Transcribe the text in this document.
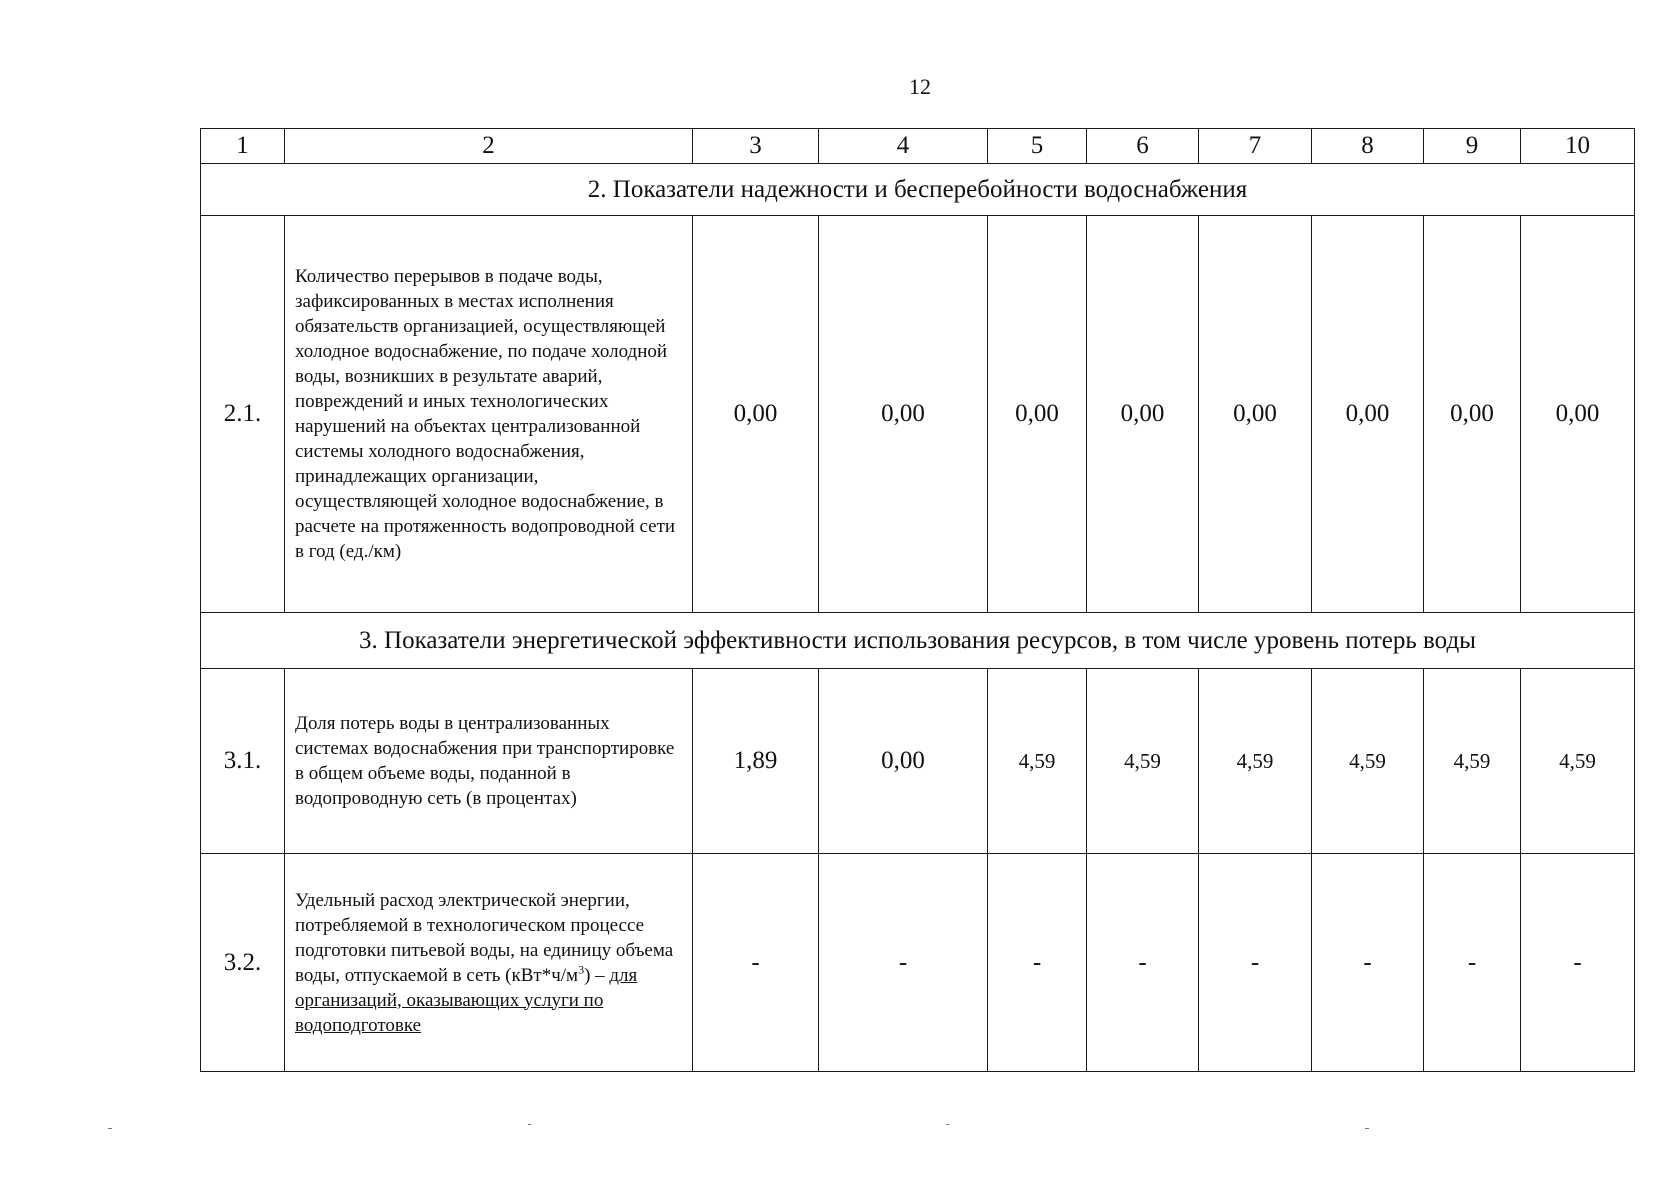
12
1	2	3	4	5	6	7	8	9	10
2. Показатели надежности и бесперебойности водоснабжения									
2.1.	Количество перерывов в подаче воды, зафиксированных в местах исполнения обязательств организацией, осуществляющей холодное водоснабжение, по подаче холодной воды, возникших в результате аварий, повреждений и иных технологических нарушений на объектах централизованной системы холодного водоснабжения, принадлежащих организации, осуществляющей холодное водоснабжение, в расчете на протяженность водопроводной сети в год (ед./км)	0,00	0,00	0,00	0,00	0,00	0,00	0,00	0,00
3. Показатели энергетической эффективности использования ресурсов, в том числе уровень потерь воды									
3.1.	Доля потерь воды в централизованных системах водоснабжения при транспортировке в общем объеме воды, поданной в водопроводную сеть (в процентах)	1,89	0,00	4,59	4,59	4,59	4,59	4,59	4,59
3.2.	Удельный расход электрической энергии, потребляемой в технологическом процессе подготовки питьевой воды, на единицу объема воды, отпускаемой в сеть $(кВт*ч/м^3)$ – для организаций, оказывающих услуги по водоподготовке	-	-	-	-	-	-	-	-
